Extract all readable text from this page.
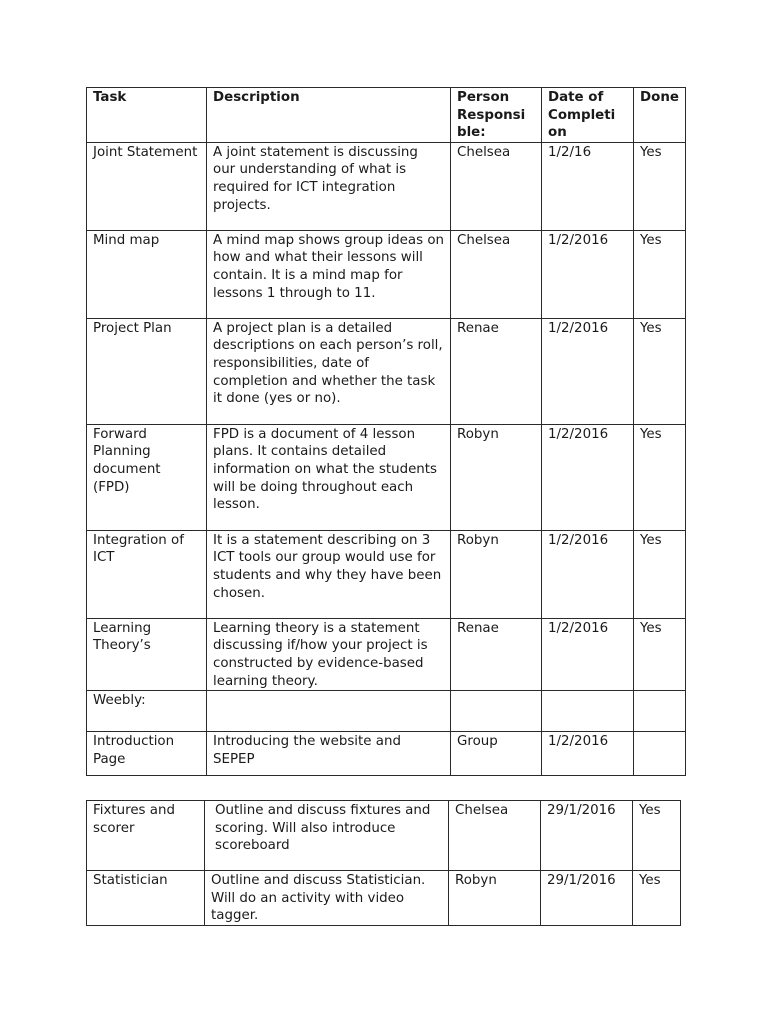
Task	Description	Person Responsi ble:	Date of Completi on	Done

Joint Statement	A joint statement is discussing our understanding of what is required for ICT integration projects.	Chelsea	1/2/16	Yes

Mind map	A mind map shows group ideas on how and what their lessons will contain. It is a mind map for lessons 1 through to 11.	Chelsea	1/2/2016	Yes

Project Plan	A project plan is a detailed descriptions on each person’s roll, responsibilities, date of completion and whether the task it done (yes or no).	Renae	1/2/2016	Yes

Forward Planning document (FPD)	FPD is a document of 4 lesson plans. It contains detailed information on what the students will be doing throughout each lesson.	Robyn	1/2/2016	Yes

Integration of ICT	It is a statement describing on 3 ICT tools our group would use for students and why they have been chosen.	Robyn	1/2/2016	Yes

Learning Theory’s	Learning theory is a statement discussing if/how your project is constructed by evidence-based learning theory.	Renae	1/2/2016	Yes

Weebly:				

Introduction Page	Introducing the website and SEPEP	Group	1/2/2016	

Fixtures and scorer	Outline and discuss fixtures and scoring. Will also introduce scoreboard	Chelsea	29/1/2016	Yes

Statistician	Outline and discuss Statistician. Will do an activity with video tagger.	Robyn	29/1/2016	Yes
